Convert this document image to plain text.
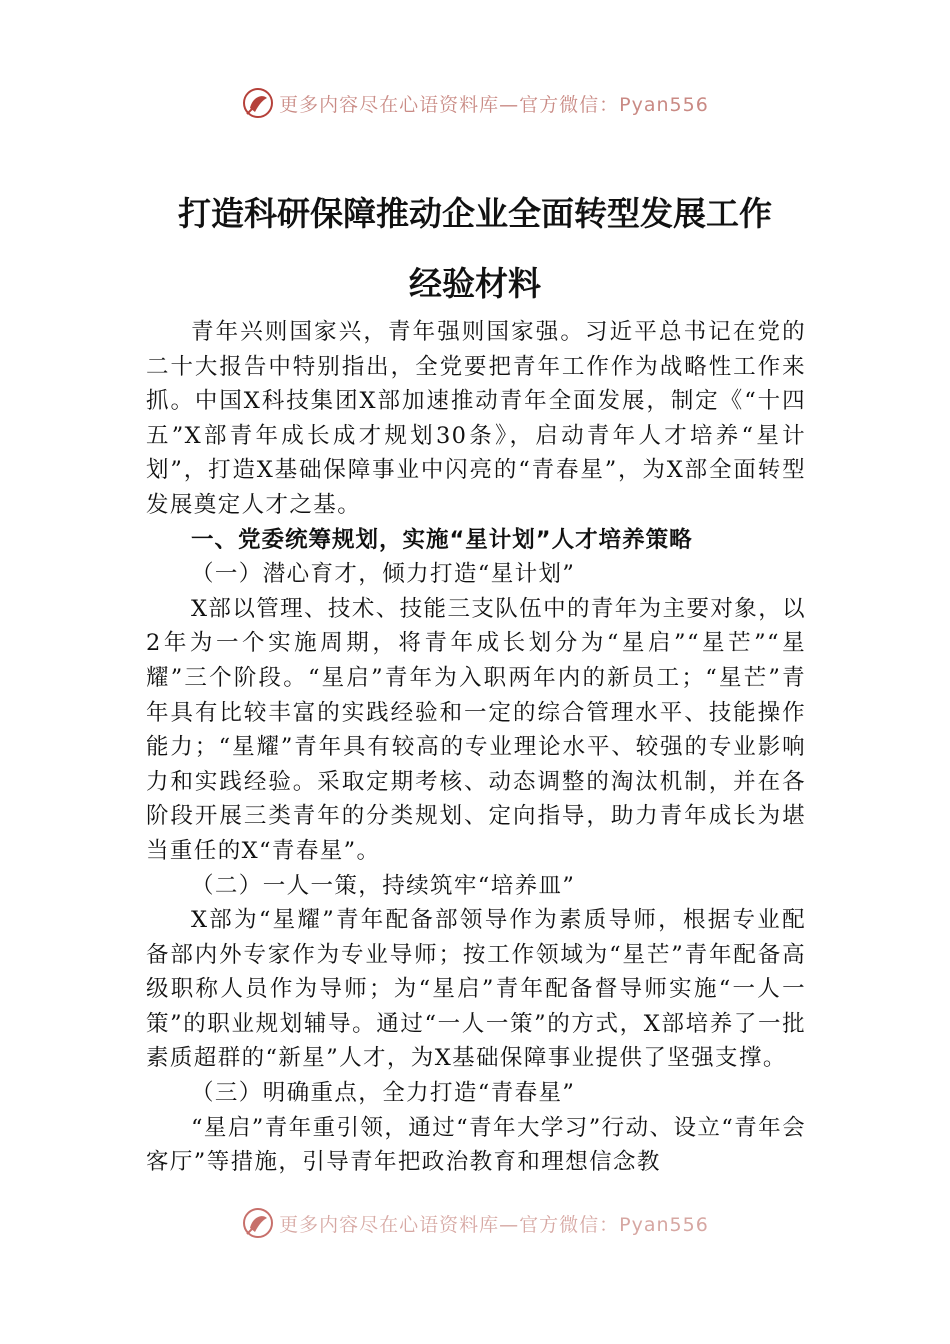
更多内容尽在心语资料库—官方微信：Pyan556
打造科研保障推动企业全面转型发展工作
经验材料

青年兴则国家兴，青年强则国家强。习近平总书记在党的二十大报告中特别指出，全党要把青年工作作为战略性工作来抓。中国X科技集团X部加速推动青年全面发展，制定《“十四五”X部青年成长成才规划30条》，启动青年人才培养“星计划”，打造X基础保障事业中闪亮的“青春星”，为X部全面转型发展奠定人才之基。

一、党委统筹规划，实施“星计划”人才培养策略
（一）潜心育才，倾力打造“星计划”

X部以管理、技术、技能三支队伍中的青年为主要对象，以2年为一个实施周期，将青年成长划分为“星启”“星芒”“星耀”三个阶段。“星启”青年为入职两年内的新员工；“星芒”青年具有比较丰富的实践经验和一定的综合管理水平、技能操作能力；“星耀”青年具有较高的专业理论水平、较强的专业影响力和实践经验。采取定期考核、动态调整的淘汰机制，并在各阶段开展三类青年的分类规划、定向指导，助力青年成长为堪当重任的X“青春星”。

（二）一人一策，持续筑牢“培养皿”

X部为“星耀”青年配备部领导作为素质导师，根据专业配备部内外专家作为专业导师；按工作领域为“星芒”青年配备高级职称人员作为导师；为“星启”青年配备督导师实施“一人一策”的职业规划辅导。通过“一人一策”的方式，X部培养了一批素质超群的“新星”人才，为X基础保障事业提供了坚强支撑。

（三）明确重点，全力打造“青春星”

“星启”青年重引领，通过“青年大学习”行动、设立“青年会客厅”等措施，引导青年把政治教育和理想信念教

更多内容尽在心语资料库—官方微信：Pyan556
